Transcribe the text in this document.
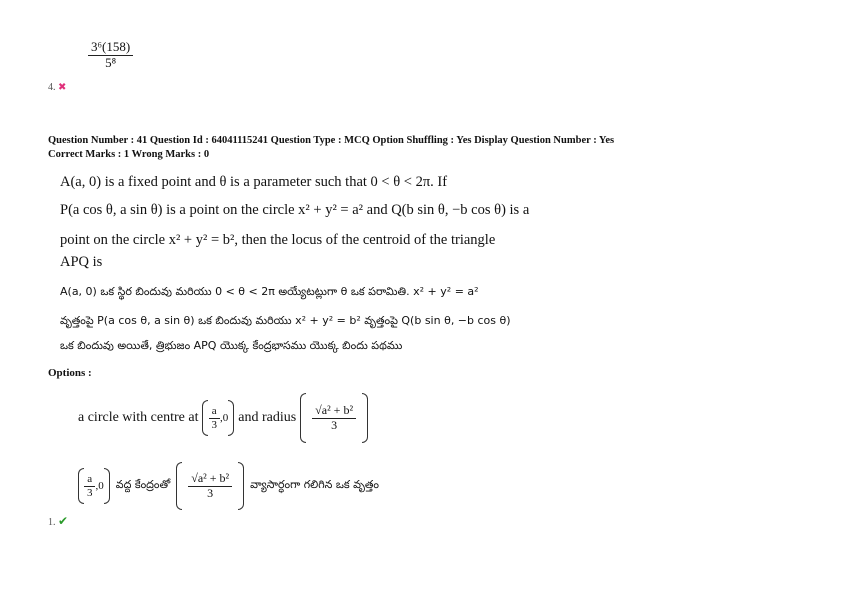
$\frac{\text{3⁶(158)}}{\text{5⁸}}$
4. ✖
Question Number : 41 Question Id : 64041115241 Question Type : MCQ Option Shuffling : Yes Display Question Number : Yes
Correct Marks : 1 Wrong Marks : 0
A(a, 0) is a fixed point and θ is a parameter such that 0 < θ < 2π. If
P(a cos θ, a sin θ) is a point on the circle x² + y² = a² and Q(b sin θ, −b cos θ) is a
point on the circle x² + y² = b², then the locus of the centroid of the triangle
APQ is
A(a, 0) ఒక స్థిర బిందువు మరియు 0 < θ < 2π అయ్యేటట్లుగా θ ఒక పరామితి. x² + y² = a²
వృత్తంపై P(a cos θ, a sin θ) ఒక బిందువు మరియు x² + y² = b² వృత్తంపై Q(b sin θ, −b cos θ)
ఒక బిందువు అయితే, త్రిభుజం APQ యొక్క కేంద్రభాసము యొక్క బిందు పథము
Options :
a circle with centre at $\frac{a}{3} ,0$ and radius $\frac{\text{√a² + b²}}{3}$
$\frac{a}{3} ,0$ వద్ద కేంద్రంతో $\frac{\text{√a² + b²}}{3}$ వ్యాసార్ధంగా గలిగిన ఒక వృత్తం
1. ✔
